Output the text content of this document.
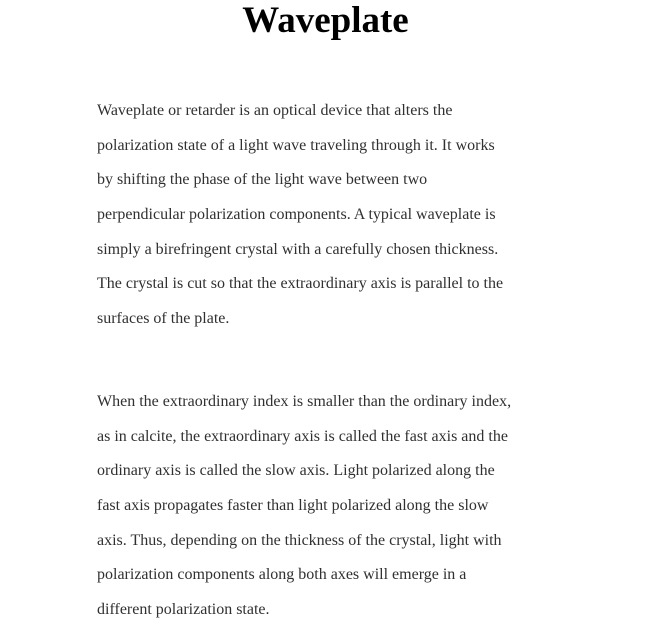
Waveplate

Waveplate or retarder is an optical device that alters the
polarization state of a light wave traveling through it. It works
by shifting the phase of the light wave between two
perpendicular polarization components. A typical waveplate is
simply a birefringent crystal with a carefully chosen thickness.
The crystal is cut so that the extraordinary axis is parallel to the
surfaces of the plate.

When the extraordinary index is smaller than the ordinary index,
as in calcite, the extraordinary axis is called the fast axis and the
ordinary axis is called the slow axis. Light polarized along the
fast axis propagates faster than light polarized along the slow
axis. Thus, depending on the thickness of the crystal, light with
polarization components along both axes will emerge in a
different polarization state.
